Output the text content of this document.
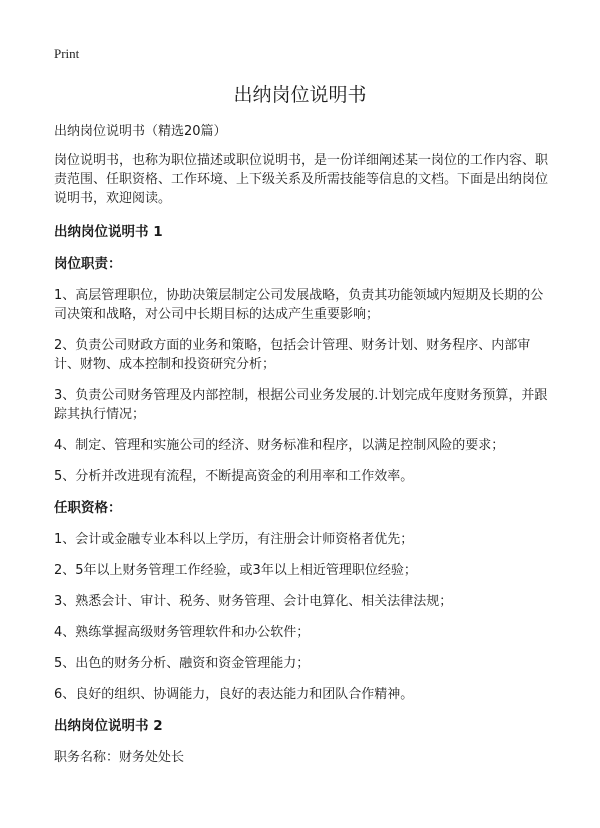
Print
出纳岗位说明书

出纳岗位说明书（精选20篇）

岗位说明书，也称为职位描述或职位说明书，是一份详细阐述某一岗位的工作内容、职责范围、任职资格、工作环境、上下级关系及所需技能等信息的文档。下面是出纳岗位说明书，欢迎阅读。

出纳岗位说明书 1
岗位职责：

1、高层管理职位，协助决策层制定公司发展战略，负责其功能领域内短期及长期的公司决策和战略，对公司中长期目标的达成产生重要影响；

2、负责公司财政方面的业务和策略，包括会计管理、财务计划、财务程序、内部审计、财物、成本控制和投资研究分析；

3、负责公司财务管理及内部控制，根据公司业务发展的.计划完成年度财务预算，并跟踪其执行情况；

4、制定、管理和实施公司的经济、财务标准和程序，以满足控制风险的要求；

5、分析并改进现有流程，不断提高资金的利用率和工作效率。

任职资格：

1、会计或金融专业本科以上学历，有注册会计师资格者优先；

2、5年以上财务管理工作经验，或3年以上相近管理职位经验；

3、熟悉会计、审计、税务、财务管理、会计电算化、相关法律法规；

4、熟练掌握高级财务管理软件和办公软件；

5、出色的财务分析、融资和资金管理能力；

6、良好的组织、协调能力，良好的表达能力和团队合作精神。

出纳岗位说明书 2

职务名称：财务处处长
